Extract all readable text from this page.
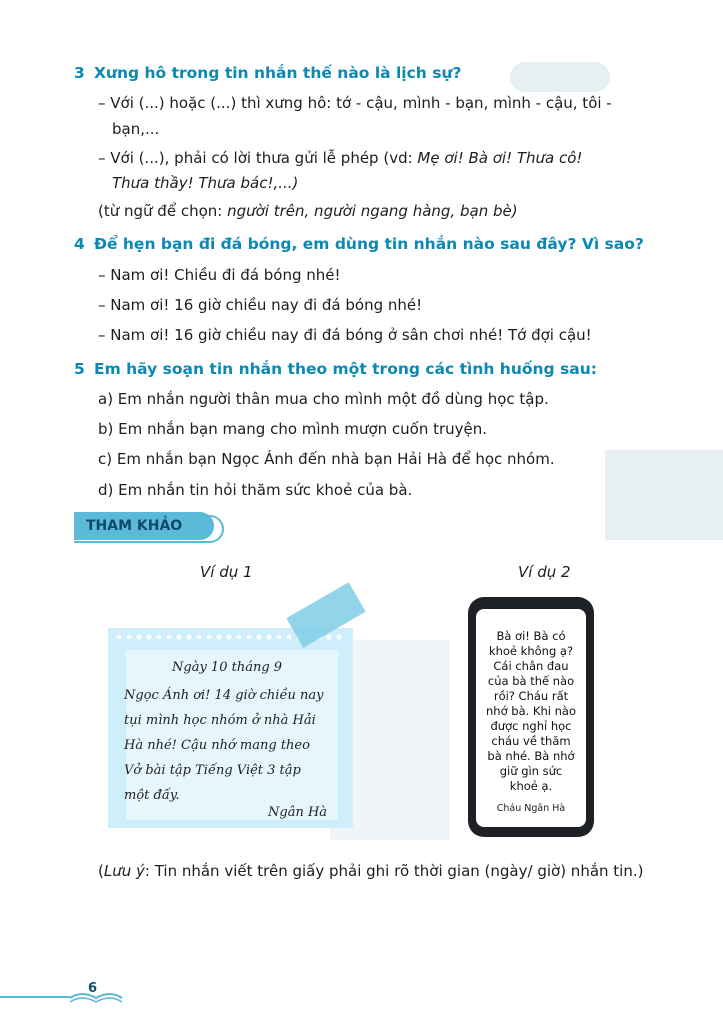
3 Xưng hô trong tin nhắn thế nào là lịch sự?
– Với (...) hoặc (...) thì xưng hô: tớ - cậu, mình - bạn, mình - cậu, tôi -
bạn,...
– Với (...), phải có lời thưa gửi lễ phép (vd: Mẹ ơi! Bà ơi! Thưa cô!
Thưa thầy! Thưa bác!,...)
(từ ngữ để chọn: người trên, người ngang hàng, bạn bè)
4 Để hẹn bạn đi đá bóng, em dùng tin nhắn nào sau đây? Vì sao?
– Nam ơi! Chiều đi đá bóng nhé!
– Nam ơi! 16 giờ chiều nay đi đá bóng nhé!
– Nam ơi! 16 giờ chiều nay đi đá bóng ở sân chơi nhé! Tớ đợi cậu!
5 Em hãy soạn tin nhắn theo một trong các tình huống sau:
a) Em nhắn người thân mua cho mình một đồ dùng học tập.
b) Em nhắn bạn mang cho mình mượn cuốn truyện.
c) Em nhắn bạn Ngọc Ánh đến nhà bạn Hải Hà để học nhóm.
d) Em nhắn tin hỏi thăm sức khoẻ của bà.
THAM KHẢO
Ví dụ 1	Ví dụ 2
Ngày 10 tháng 9
Ngọc Ánh ơi! 14 giờ chiều nay
tụi mình học nhóm ở nhà Hải
Hà nhé! Cậu nhớ mang theo
Vở bài tập Tiếng Việt 3 tập
một đấy.
Ngân Hà
Bà ơi! Bà có khoẻ không ạ? Cái chân đau của bà thế nào rồi? Cháu rất nhớ bà. Khi nào được nghỉ học cháu về thăm bà nhé. Bà nhớ giữ gìn sức khoẻ ạ.
Cháu Ngân Hà
(Lưu ý: Tin nhắn viết trên giấy phải ghi rõ thời gian (ngày/ giờ) nhắn tin.)
6
